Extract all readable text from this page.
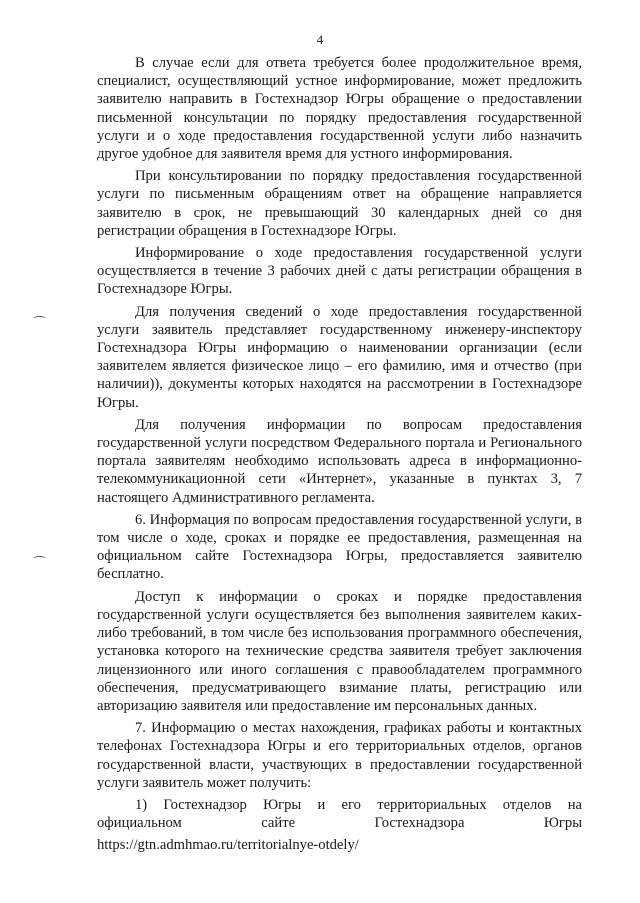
4

В случае если для ответа требуется более продолжительное время, специалист, осуществляющий устное информирование, может предложить заявителю направить в Гостехнадзор Югры обращение о предоставлении письменной консультации по порядку предоставления государственной услуги и о ходе предоставления государственной услуги либо назначить другое удобное для заявителя время для устного информирования.

При консультировании по порядку предоставления государственной услуги по письменным обращениям ответ на обращение направляется заявителю в срок, не превышающий 30 календарных дней со дня регистрации обращения в Гостехнадзоре Югры.

Информирование о ходе предоставления государственной услуги осуществляется в течение 3 рабочих дней с даты регистрации обращения в Гостехнадзоре Югры.

Для получения сведений о ходе предоставления государственной услуги заявитель представляет государственному инженеру-инспектору Гостехнадзора Югры информацию о наименовании организации (если заявителем является физическое лицо – его фамилию, имя и отчество (при наличии)), документы которых находятся на рассмотрении в Гостехнадзоре Югры.

Для получения информации по вопросам предоставления государственной услуги посредством Федерального портала и Регионального портала заявителям необходимо использовать адреса в информационно-телекоммуникационной сети «Интернет», указанные в пунктах 3, 7 настоящего Административного регламента.

6. Информация по вопросам предоставления государственной услуги, в том числе о ходе, сроках и порядке ее предоставления, размещенная на официальном сайте Гостехнадзора Югры, предоставляется заявителю бесплатно.

Доступ к информации о сроках и порядке предоставления государственной услуги осуществляется без выполнения заявителем каких-либо требований, в том числе без использования программного обеспечения, установка которого на технические средства заявителя требует заключения лицензионного или иного соглашения с правообладателем программного обеспечения, предусматривающего взимание платы, регистрацию или авторизацию заявителя или предоставление им персональных данных.

7. Информацию о местах нахождения, графиках работы и контактных телефонах Гостехнадзора Югры и его территориальных отделов, органов государственной власти, участвующих в предоставлении государственной услуги заявитель может получить:

1) Гостехнадзор Югры и его территориальных отделов на официальном сайте Гостехнадзора Югры

https://gtn.admhmao.ru/territorialnye-otdely/
